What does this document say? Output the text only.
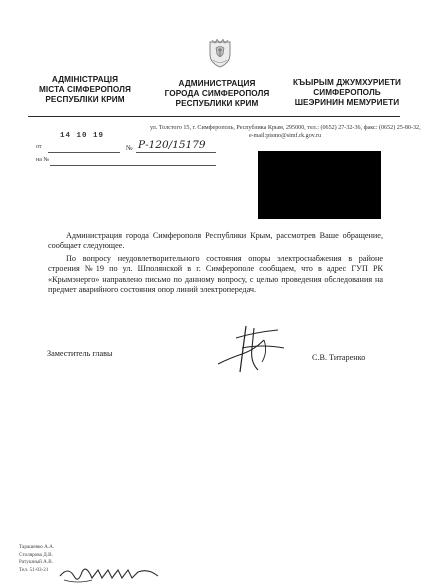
АДМІНІСТРАЦІЯ
МІСТА СІМФЕРОПОЛЯ
РЕСПУБЛІКИ КРИМ
АДМИНИСТРАЦИЯ
ГОРОДА СИМФЕРОПОЛЯ
РЕСПУБЛИКИ КРИМ
КЪЫРЫМ ДЖУМХУРИЕТИ
СИМФЕРОПОЛЬ
ШЕЭРИНИН МЕМУРИЕТИ
ул. Толстого 15, г. Симферополь, Республика Крым, 295000, тел.: (0652) 27-32-36, факс: (0652) 25-80-32,
e-mail:pismo@simf.rk.gov.ru
14 10 19
от	№ Р-120/15179
на №

Администрация города Симферополя Республики Крым, рассмотрев Ваше обращение, сообщает следующее.

По вопросу неудовлетворительного состояния опоры электроснабжения в районе строения №19 по ул. Шполянской в г. Симферополе сообщаем, что в адрес ГУП РК «Крымэнерго» направлено письмо по данному вопросу, с целью проведения обследования на предмет аварийного состояния опор линий электропередач.

Заместитель главы	С.В. Титаренко
Тарашевко А.А.
Столярова Д.В.
Ратушный А.В.
Тел. 51-03-21
